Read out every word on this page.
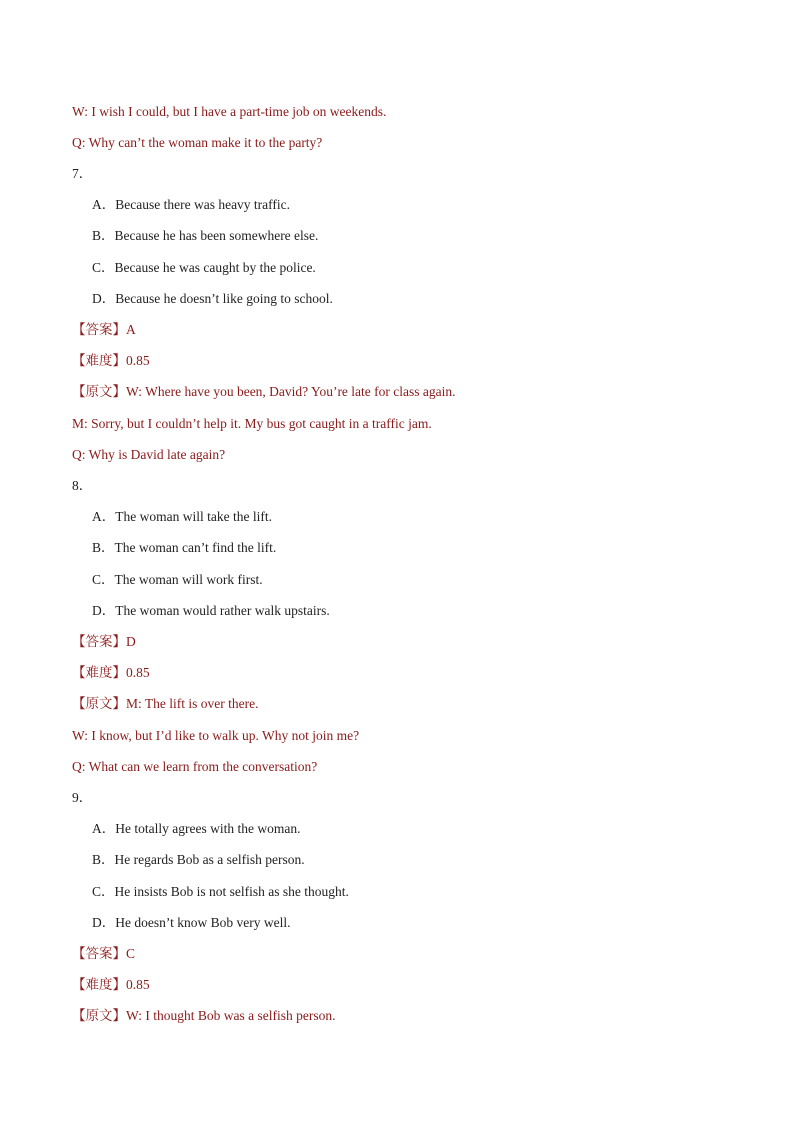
W: I wish I could, but I have a part-time job on weekends.
Q: Why can’t the woman make it to the party?
7．
A．Because there was heavy traffic.
B．Because he has been somewhere else.
C．Because he was caught by the police.
D．Because he doesn’t like going to school.
【答案】A
【难度】0.85
【原文】W: Where have you been, David? You’re late for class again.
M: Sorry, but I couldn’t help it. My bus got caught in a traffic jam.
Q: Why is David late again?
8．
A．The woman will take the lift.
B．The woman can’t find the lift.
C．The woman will work first.
D．The woman would rather walk upstairs.
【答案】D
【难度】0.85
【原文】M: The lift is over there.
W: I know, but I’d like to walk up. Why not join me?
Q: What can we learn from the conversation?
9．
A．He totally agrees with the woman.
B．He regards Bob as a selfish person.
C．He insists Bob is not selfish as she thought.
D．He doesn’t know Bob very well.
【答案】C
【难度】0.85
【原文】W: I thought Bob was a selfish person.
